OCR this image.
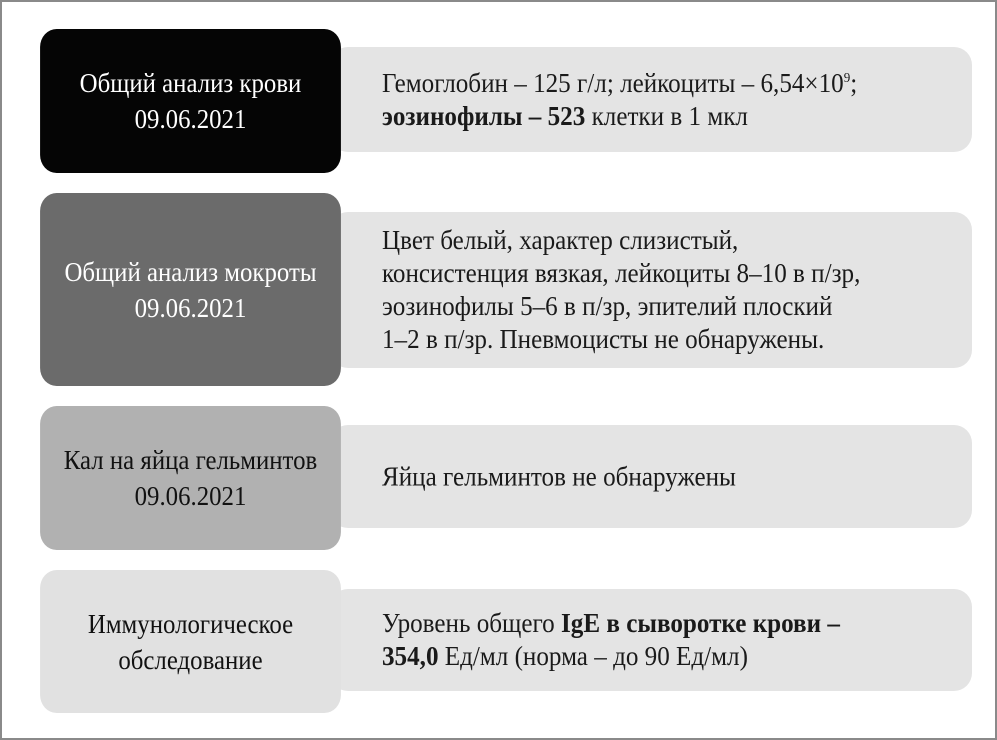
Гемоглобин – 125 г/л; лейкоциты – $6,54\times 10^9$;
эозинофилы – 523 клетки в 1 мкл
Общий анализ крови
09.06.2021
Цвет белый, характер слизистый,
консистенция вязкая, лейкоциты 8–10 в п/зр,
эозинофилы 5–6 в п/зр, эпителий плоский
1–2 в п/зр. Пневмоцисты не обнаружены.
Общий анализ мокроты
09.06.2021
Яйца гельминтов не обнаружены
Кал на яйца гельминтов
09.06.2021
Уровень общего IgE в сыворотке крови –
354,0 Ед/мл (норма – до 90 Ед/мл)
Иммунологическое
обследование
